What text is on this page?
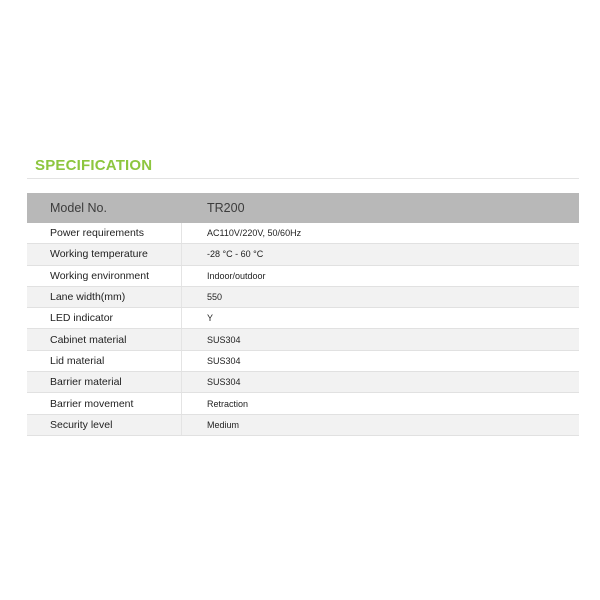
SPECIFICATION
Model No.	TR200
Power requirements	AC110V/220V, 50/60Hz
Working temperature	-28 °C - 60 °C
Working environment	Indoor/outdoor
Lane width(mm)	550
LED indicator	Y
Cabinet material	SUS304
Lid material	SUS304
Barrier material	SUS304
Barrier movement	Retraction
Security level	Medium
